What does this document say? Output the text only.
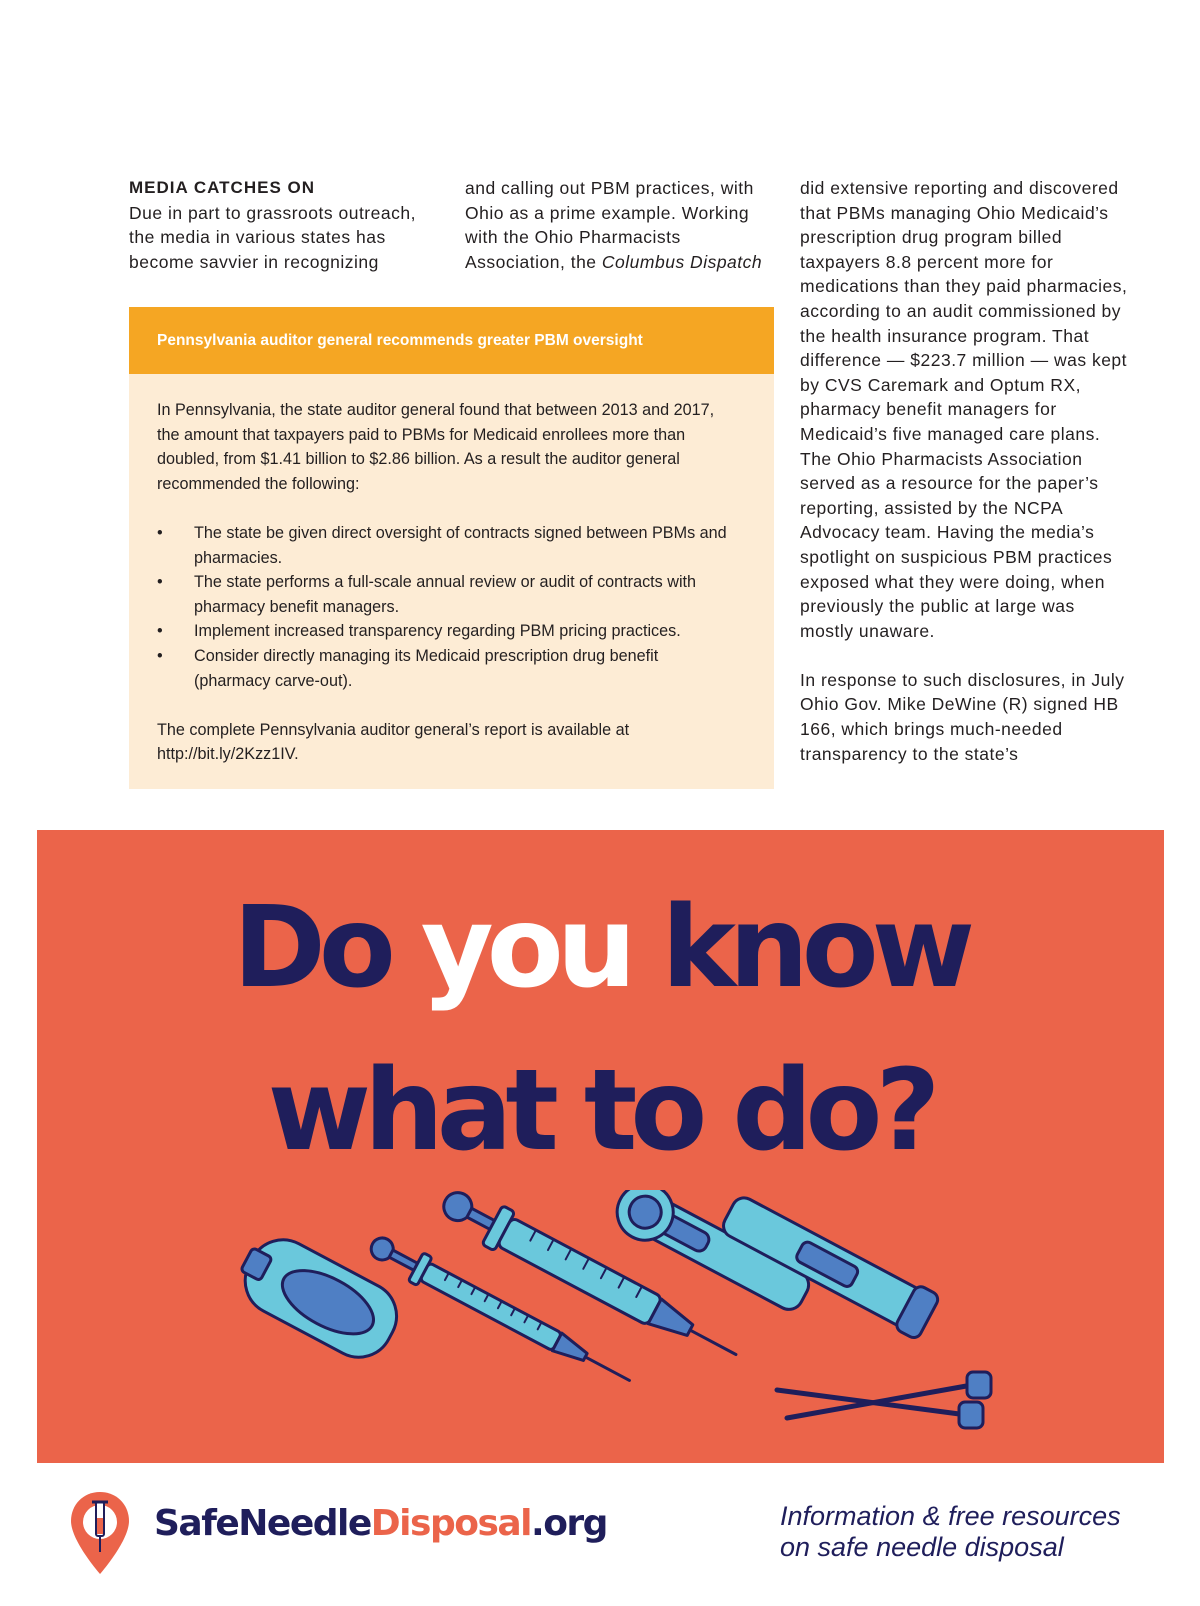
MEDIA CATCHES ON

Due in part to grassroots outreach, the media in various states has become savvier in recognizing

and calling out PBM practices, with Ohio as a prime example. Working with the Ohio Pharmacists Association, the Columbus Dispatch

did extensive reporting and discovered that PBMs managing Ohio Medicaid’s prescription drug program billed taxpayers 8.8 percent more for medications than they paid pharmacies, according to an audit commissioned by the health insurance program. That difference — $223.7 million — was kept by CVS Caremark and Optum RX, pharmacy benefit managers for Medicaid’s five managed care plans. The Ohio Pharmacists Association served as a resource for the paper’s reporting, assisted by the NCPA Advocacy team. Having the media’s spotlight on suspicious PBM practices exposed what they were doing, when previously the public at large was mostly unaware.

In response to such disclosures, in July Ohio Gov. Mike DeWine (R) signed HB 166, which brings much-needed transparency to the state’s

Pennsylvania auditor general recommends greater PBM oversight

In Pennsylvania, the state auditor general found that between 2013 and 2017, the amount that taxpayers paid to PBMs for Medicaid enrollees more than doubled, from $1.41 billion to $2.86 billion. As a result the auditor general recommended the following:

• The state be given direct oversight of contracts signed between PBMs and pharmacies.
• The state performs a full-scale annual review or audit of contracts with pharmacy benefit managers.
• Implement increased transparency regarding PBM pricing practices.
• Consider directly managing its Medicaid prescription drug benefit (pharmacy carve-out).

The complete Pennsylvania auditor general’s report is available at http://bit.ly/2Kzz1IV.

Do you know
what to do?
SafeNeedleDisposal.org	Information & free resources
on safe needle disposal
